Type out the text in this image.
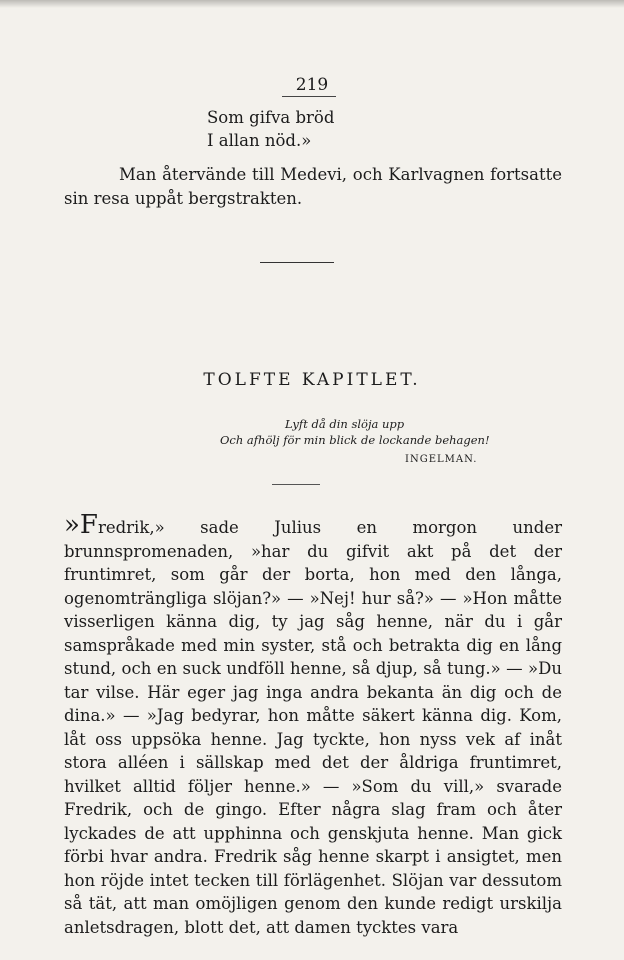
219
Som gifva bröd
I allan nöd.»
Man återvände till Medevi, och Karlvagnen fortsatte sin resa uppåt bergstrakten.
TOLFTE KAPITLET.
Lyft då din slöja upp
Och afhölj för min blick de lockande behagen!
INGELMAN.
»Fredrik,» sade Julius en morgon under brunnspromenaden, »har du gifvit akt på det der fruntimret, som går der borta, hon med den långa, ogenomträngliga slöjan?» — »Nej! hur så?» — »Hon måtte visserligen känna dig, ty jag såg henne, när du i går samspråkade med min syster, stå och betrakta dig en lång stund, och en suck undföll henne, så djup, så tung.» — »Du tar vilse. Här eger jag inga andra bekanta än dig och de dina.» — »Jag bedyrar, hon måtte säkert känna dig. Kom, låt oss uppsöka henne. Jag tyckte, hon nyss vek af inåt stora alléen i sällskap med det der åldriga fruntimret, hvilket alltid följer henne.» — »Som du vill,» svarade Fredrik, och de gingo. Efter några slag fram och åter lyckades de att upphinna och genskjuta henne. Man gick förbi hvar andra. Fredrik såg henne skarpt i ansigtet, men hon röjde intet tecken till förlägenhet. Slöjan var dessutom så tät, att man omöjligen genom den kunde redigt urskilja anletsdragen, blott det, att damen tycktes vara
